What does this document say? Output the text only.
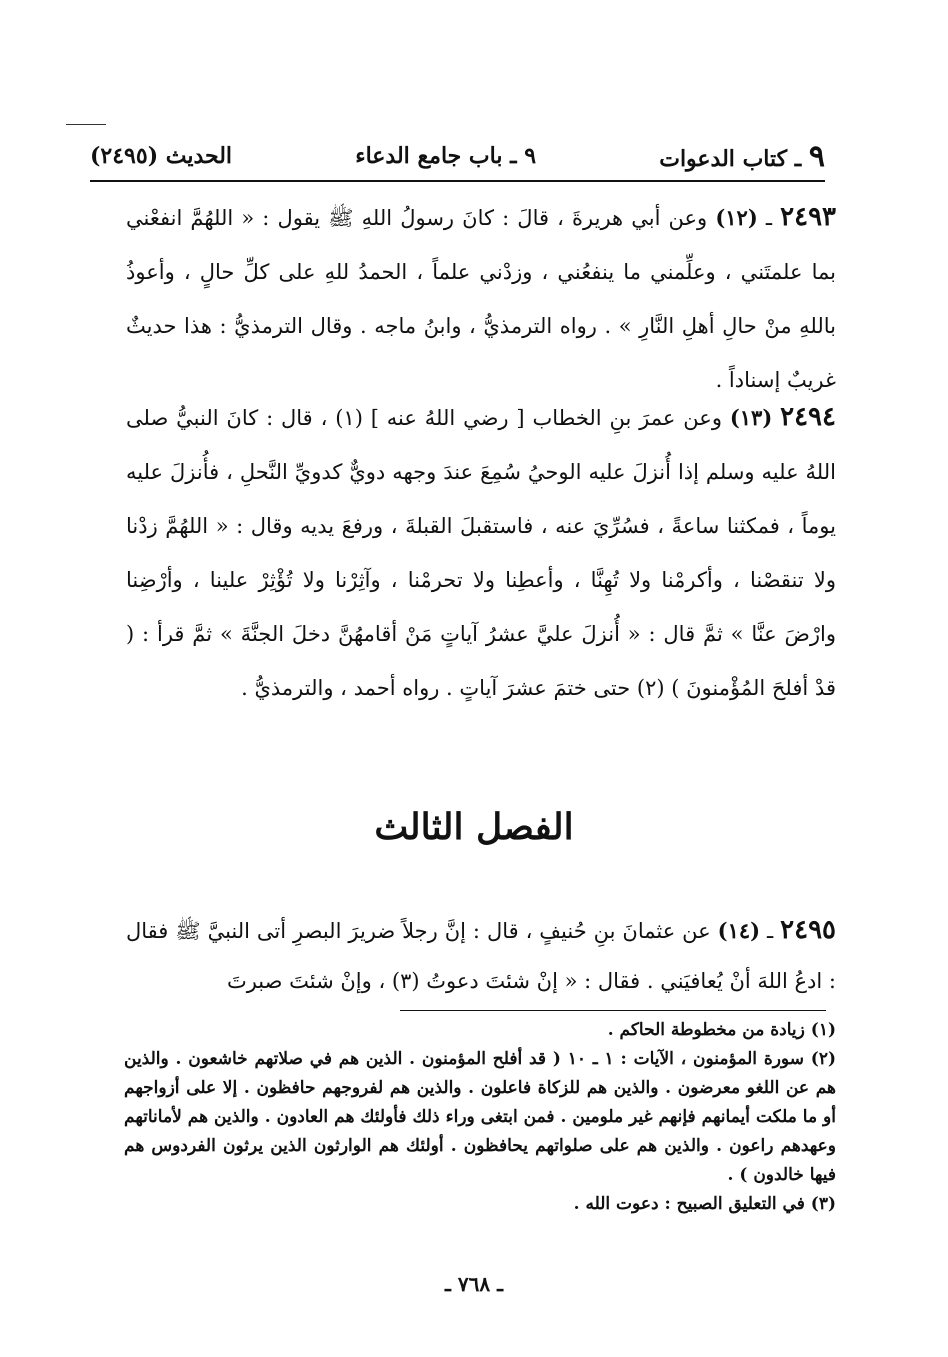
٩ ـ كتاب الدعوات
٩ ـ باب جامع الدعاء
الحديث (٢٤٩٥)
٢٤٩٣ ـ (١٢) وعن أبي هريرةَ ، قالَ : كانَ رسولُ اللهِ ﷺ يقول : « اللهُمَّ انفعْني بما علمتَني ، وعلِّمني ما ينفعُني ، وزدْني علماً ، الحمدُ للهِ على كلِّ حالٍ ، وأعوذُ باللهِ منْ حالِ أهلِ النَّارِ » . رواه الترمذيُّ ، وابنُ ماجه . وقال الترمذيُّ : هذا حديثٌ غريبٌ إسناداً .
٢٤٩٤ (١٣) وعن عمرَ بنِ الخطاب [ رضي اللهُ عنه ] (١) ، قال : كانَ النبيُّ صلى اللهُ عليه وسلم إذا أُنزلَ عليه الوحيُ سُمِعَ عندَ وجهه دويٌّ كدويِّ النَّحلِ ، فأُنزلَ عليه يوماً ، فمكثنا ساعةً ، فسُرِّيَ عنه ، فاستقبلَ القبلةَ ، ورفعَ يديه وقال : « اللهُمَّ زدْنا ولا تنقصْنا ، وأكرمْنا ولا تُهِنَّا ، وأعطِنا ولا تحرمْنا ، وآثِرْنا ولا تُؤْثِرْ علينا ، وأرْضِنا وارْضَ عنَّا » ثمَّ قال : « أُنزلَ عليَّ عشرُ آياتٍ مَنْ أقامهُنَّ دخلَ الجنَّةَ » ثمَّ قرأ : ( قدْ أفلحَ المُؤْمنونَ ) (٢) حتى ختمَ عشرَ آياتٍ . رواه أحمد ، والترمذيُّ .
الفصل الثالث
٢٤٩٥ ـ (١٤) عن عثمانَ بنِ حُنيفٍ ، قال : إنَّ رجلاً ضريرَ البصرِ أتى النبيَّ ﷺ فقال : ادعُ اللهَ أنْ يُعافيَني . فقال : « إنْ شئتَ دعوتُ (٣) ، وإنْ شئتَ صبرتَ

(١) زيادة من مخطوطة الحاكم .

(٢) سورة المؤمنون ، الآيات : ١ ـ ١٠ ( قد أفلح المؤمنون . الذين هم في صلاتهم خاشعون . والذين هم عن اللغو معرضون . والذين هم للزكاة فاعلون . والذين هم لفروجهم حافظون . إلا على أزواجهم أو ما ملكت أيمانهم فإنهم غير ملومين . فمن ابتغى وراء ذلك فأولئك هم العادون . والذين هم لأماناتهم وعهدهم راعون . والذين هم على صلواتهم يحافظون . أولئك هم الوارثون الذين يرثون الفردوس هم فيها خالدون ) .

(٣) في التعليق الصبيح : دعوت الله .

ـ ٧٦٨ ـ
